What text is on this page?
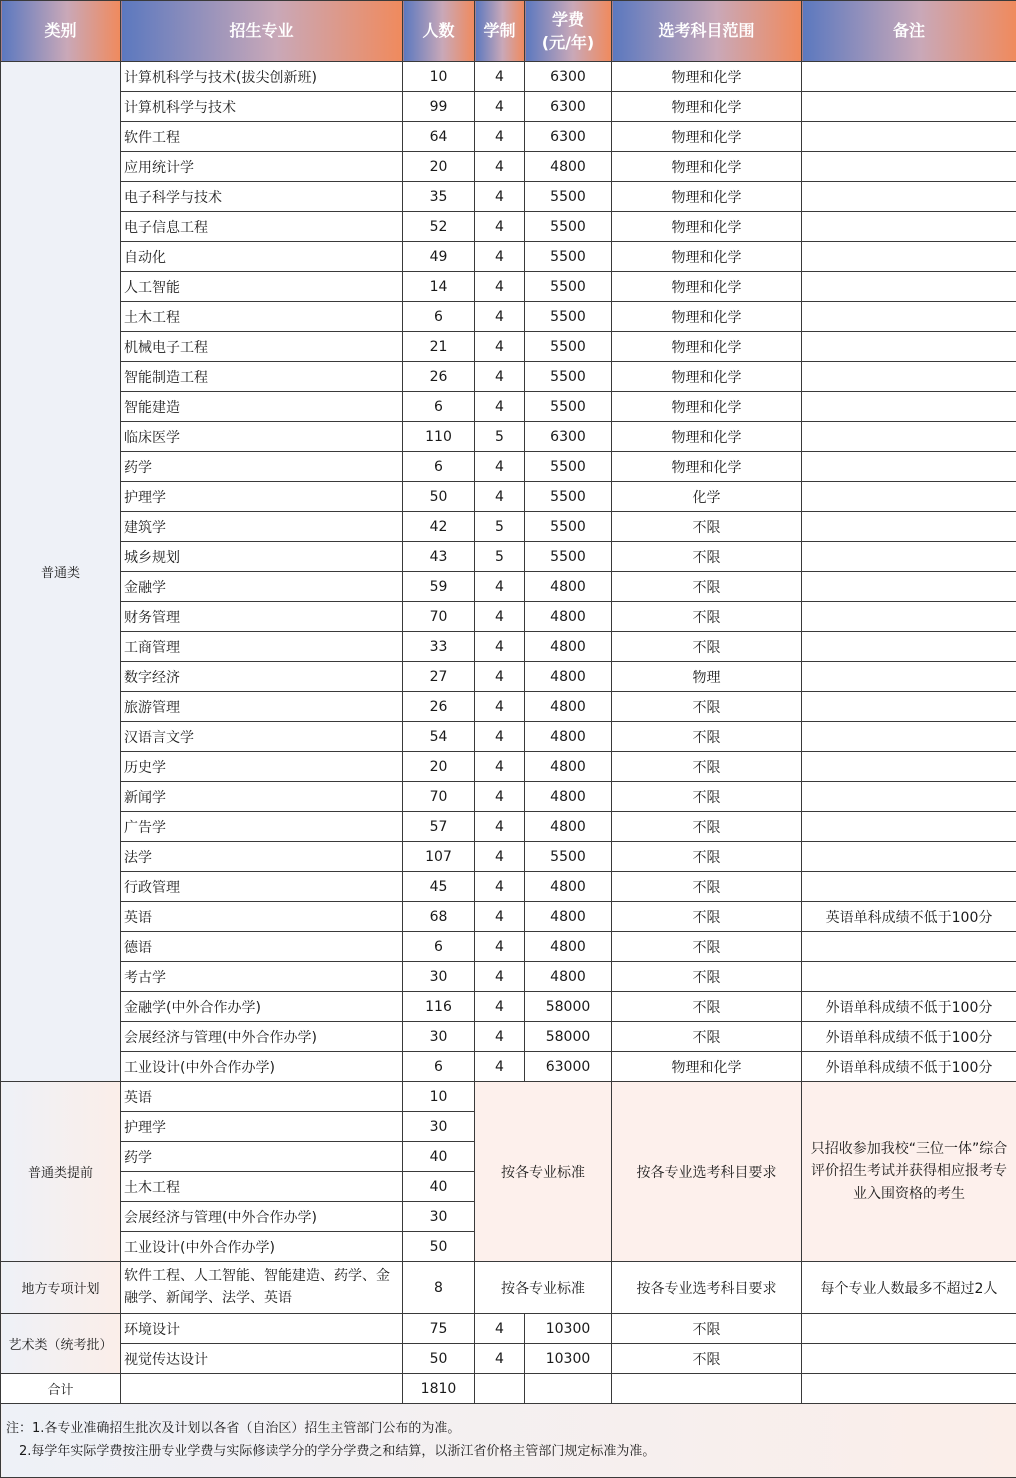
类别	招生专业	人数	学制	学费
(元/年)	选考科目范围	备注
普通类	计算机科学与技术(拔尖创新班)	10	4	6300	物理和化学	
	计算机科学与技术	99	4	6300	物理和化学	
	软件工程	64	4	6300	物理和化学	
	应用统计学	20	4	4800	物理和化学	
	电子科学与技术	35	4	5500	物理和化学	
	电子信息工程	52	4	5500	物理和化学	
	自动化	49	4	5500	物理和化学	
	人工智能	14	4	5500	物理和化学	
	土木工程	6	4	5500	物理和化学	
	机械电子工程	21	4	5500	物理和化学	
	智能制造工程	26	4	5500	物理和化学	
	智能建造	6	4	5500	物理和化学	
	临床医学	110	5	6300	物理和化学	
	药学	6	4	5500	物理和化学	
	护理学	50	4	5500	化学	
	建筑学	42	5	5500	不限	
	城乡规划	43	5	5500	不限	
	金融学	59	4	4800	不限	
	财务管理	70	4	4800	不限	
	工商管理	33	4	4800	不限	
	数字经济	27	4	4800	物理	
	旅游管理	26	4	4800	不限	
	汉语言文学	54	4	4800	不限	
	历史学	20	4	4800	不限	
	新闻学	70	4	4800	不限	
	广告学	57	4	4800	不限	
	法学	107	4	5500	不限	
	行政管理	45	4	4800	不限	
	英语	68	4	4800	不限	英语单科成绩不低于100分
	德语	6	4	4800	不限	
	考古学	30	4	4800	不限	
	金融学(中外合作办学)	116	4	58000	不限	外语单科成绩不低于100分
	会展经济与管理(中外合作办学)	30	4	58000	不限	外语单科成绩不低于100分
	工业设计(中外合作办学)	6	4	63000	物理和化学	外语单科成绩不低于100分
普通类提前	英语	10	按各专业标准		按各专业选考科目要求	只招收参加我校“三位一体”综合评价招生考试并获得相应报考专业入围资格的考生
	护理学	30				
	药学	40				
	土木工程	40				
	会展经济与管理(中外合作办学)	30				
	工业设计(中外合作办学)	50				
地方专项计划	软件工程、人工智能、智能建造、药学、金融学、新闻学、法学、英语	8	按各专业标准		按各专业选考科目要求	每个专业人数最多不超过2人
艺术类（统考批）	环境设计	75	4	10300	不限	
	视觉传达设计	50	4	10300	不限	
合计		1810				

注：1.各专业准确招生批次及计划以各省（自治区）招生主管部门公布的为准。
2.每学年实际学费按注册专业学费与实际修读学分的学分学费之和结算，以浙江省价格主管部门规定标准为准。						
